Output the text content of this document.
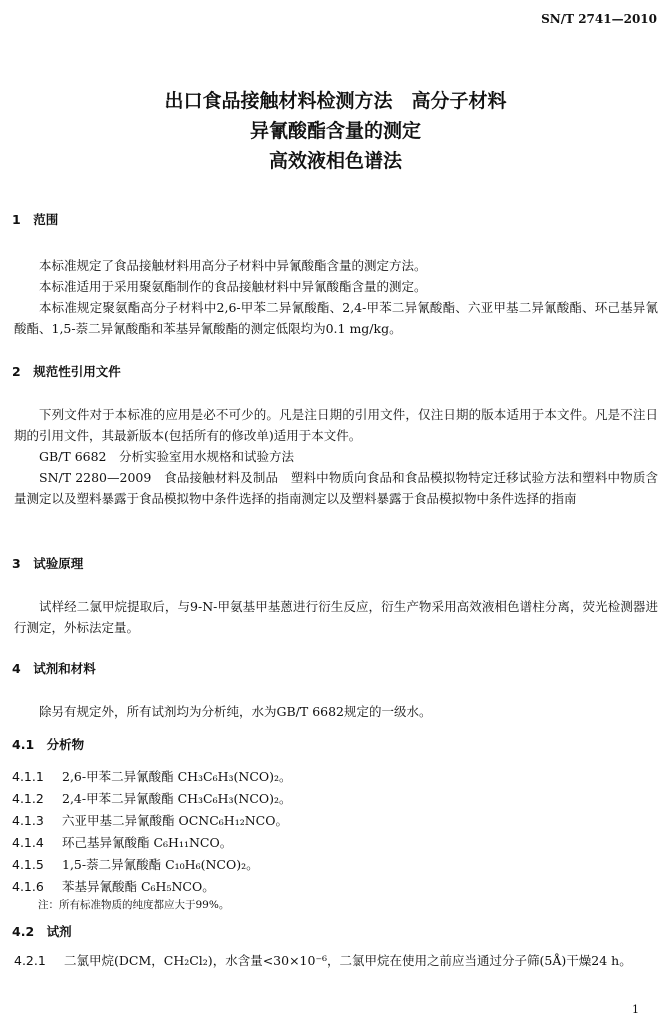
SN/T 2741—2010
出口食品接触材料检测方法　高分子材料
异氰酸酯含量的测定
高效液相色谱法
1　范围
本标准规定了食品接触材料用高分子材料中异氰酸酯含量的测定方法。
本标准适用于采用聚氨酯制作的食品接触材料中异氰酸酯含量的测定。
本标准规定聚氨酯高分子材料中2,6-甲苯二异氰酸酯、2,4-甲苯二异氰酸酯、六亚甲基二异氰酸酯、环己基异氰酸酯、1,5-萘二异氰酸酯和苯基异氰酸酯的测定低限均为0.1 mg/kg。
2　规范性引用文件
下列文件对于本标准的应用是必不可少的。凡是注日期的引用文件，仅注日期的版本适用于本文件。凡是不注日期的引用文件，其最新版本(包括所有的修改单)适用于本文件。
GB/T 6682　分析实验室用水规格和试验方法
SN/T 2280—2009　食品接触材料及制品　塑料中物质向食品和食品模拟物特定迁移试验方法和塑料中物质含量测定以及塑料暴露于食品模拟物中条件选择的指南测定以及塑料暴露于食品模拟物中条件选择的指南
3　试验原理
试样经二氯甲烷提取后，与9-N-甲氨基甲基蒽进行衍生反应，衍生产物采用高效液相色谱柱分离，荧光检测器进行测定，外标法定量。
4　试剂和材料
除另有规定外，所有试剂均为分析纯，水为GB/T 6682规定的一级水。
4.1　分析物
4.1.1 2,6-甲苯二异氰酸酯 CH₃C₆H₃(NCO)₂。
4.1.2 2,4-甲苯二异氰酸酯 CH₃C₆H₃(NCO)₂。
4.1.3 六亚甲基二异氰酸酯 OCNC₆H₁₂NCO。
4.1.4 环己基异氰酸酯 C₆H₁₁NCO。
4.1.5 1,5-萘二异氰酸酯 C₁₀H₆(NCO)₂。
4.1.6 苯基异氰酸酯 C₆H₅NCO。
注：所有标准物质的纯度都应大于99%。
4.2　试剂
4.2.1 二氯甲烷(DCM，CH₂Cl₂)，水含量<30×10⁻⁶，二氯甲烷在使用之前应当通过分子筛(5Å)干燥24 h。
1
